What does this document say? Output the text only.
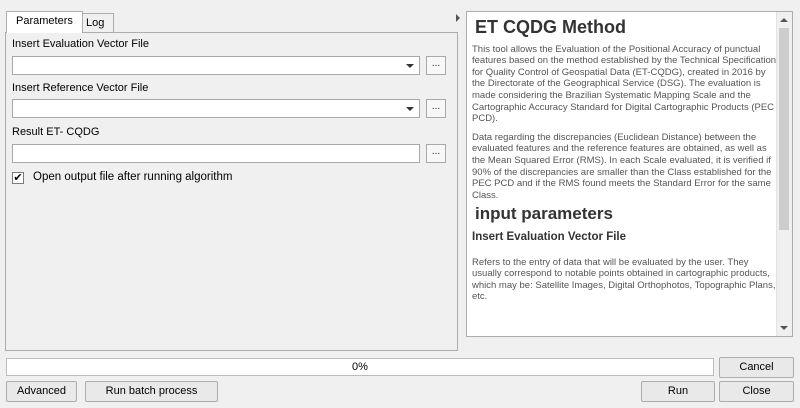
Parameters	Log
Insert Evaluation Vector File
...
Insert Reference Vector File
...
Result ET- CQDG
...
✔ Open output file after running algorithm
ET CQDG Method
This tool allows the Evaluation of the Positional Accuracy of punctual features based on the method established by the Technical Specification for Quality Control of Geospatial Data (ET-CQDG), created in 2016 by the Directorate of the Geographical Service (DSG). The evaluation is made considering the Brazilian Systematic Mapping Scale and the Cartographic Accuracy Standard for Digital Cartographic Products (PEC PCD).
Data regarding the discrepancies (Euclidean Distance) between the evaluated features and the reference features are obtained, as well as the Mean Squared Error (RMS). In each Scale evaluated, it is verified if 90% of the discrepancies are smaller than the Class established for the PEC PCD and if the RMS found meets the Standard Error for the same Class.
input parameters
Insert Evaluation Vector File
Refers to the entry of data that will be evaluated by the user. They usually correspond to notable points obtained in cartographic products, which may be: Satellite Images, Digital Orthophotos, Topographic Plans, etc.
0%	Cancel
Advanced	Run batch process	Run	Close
